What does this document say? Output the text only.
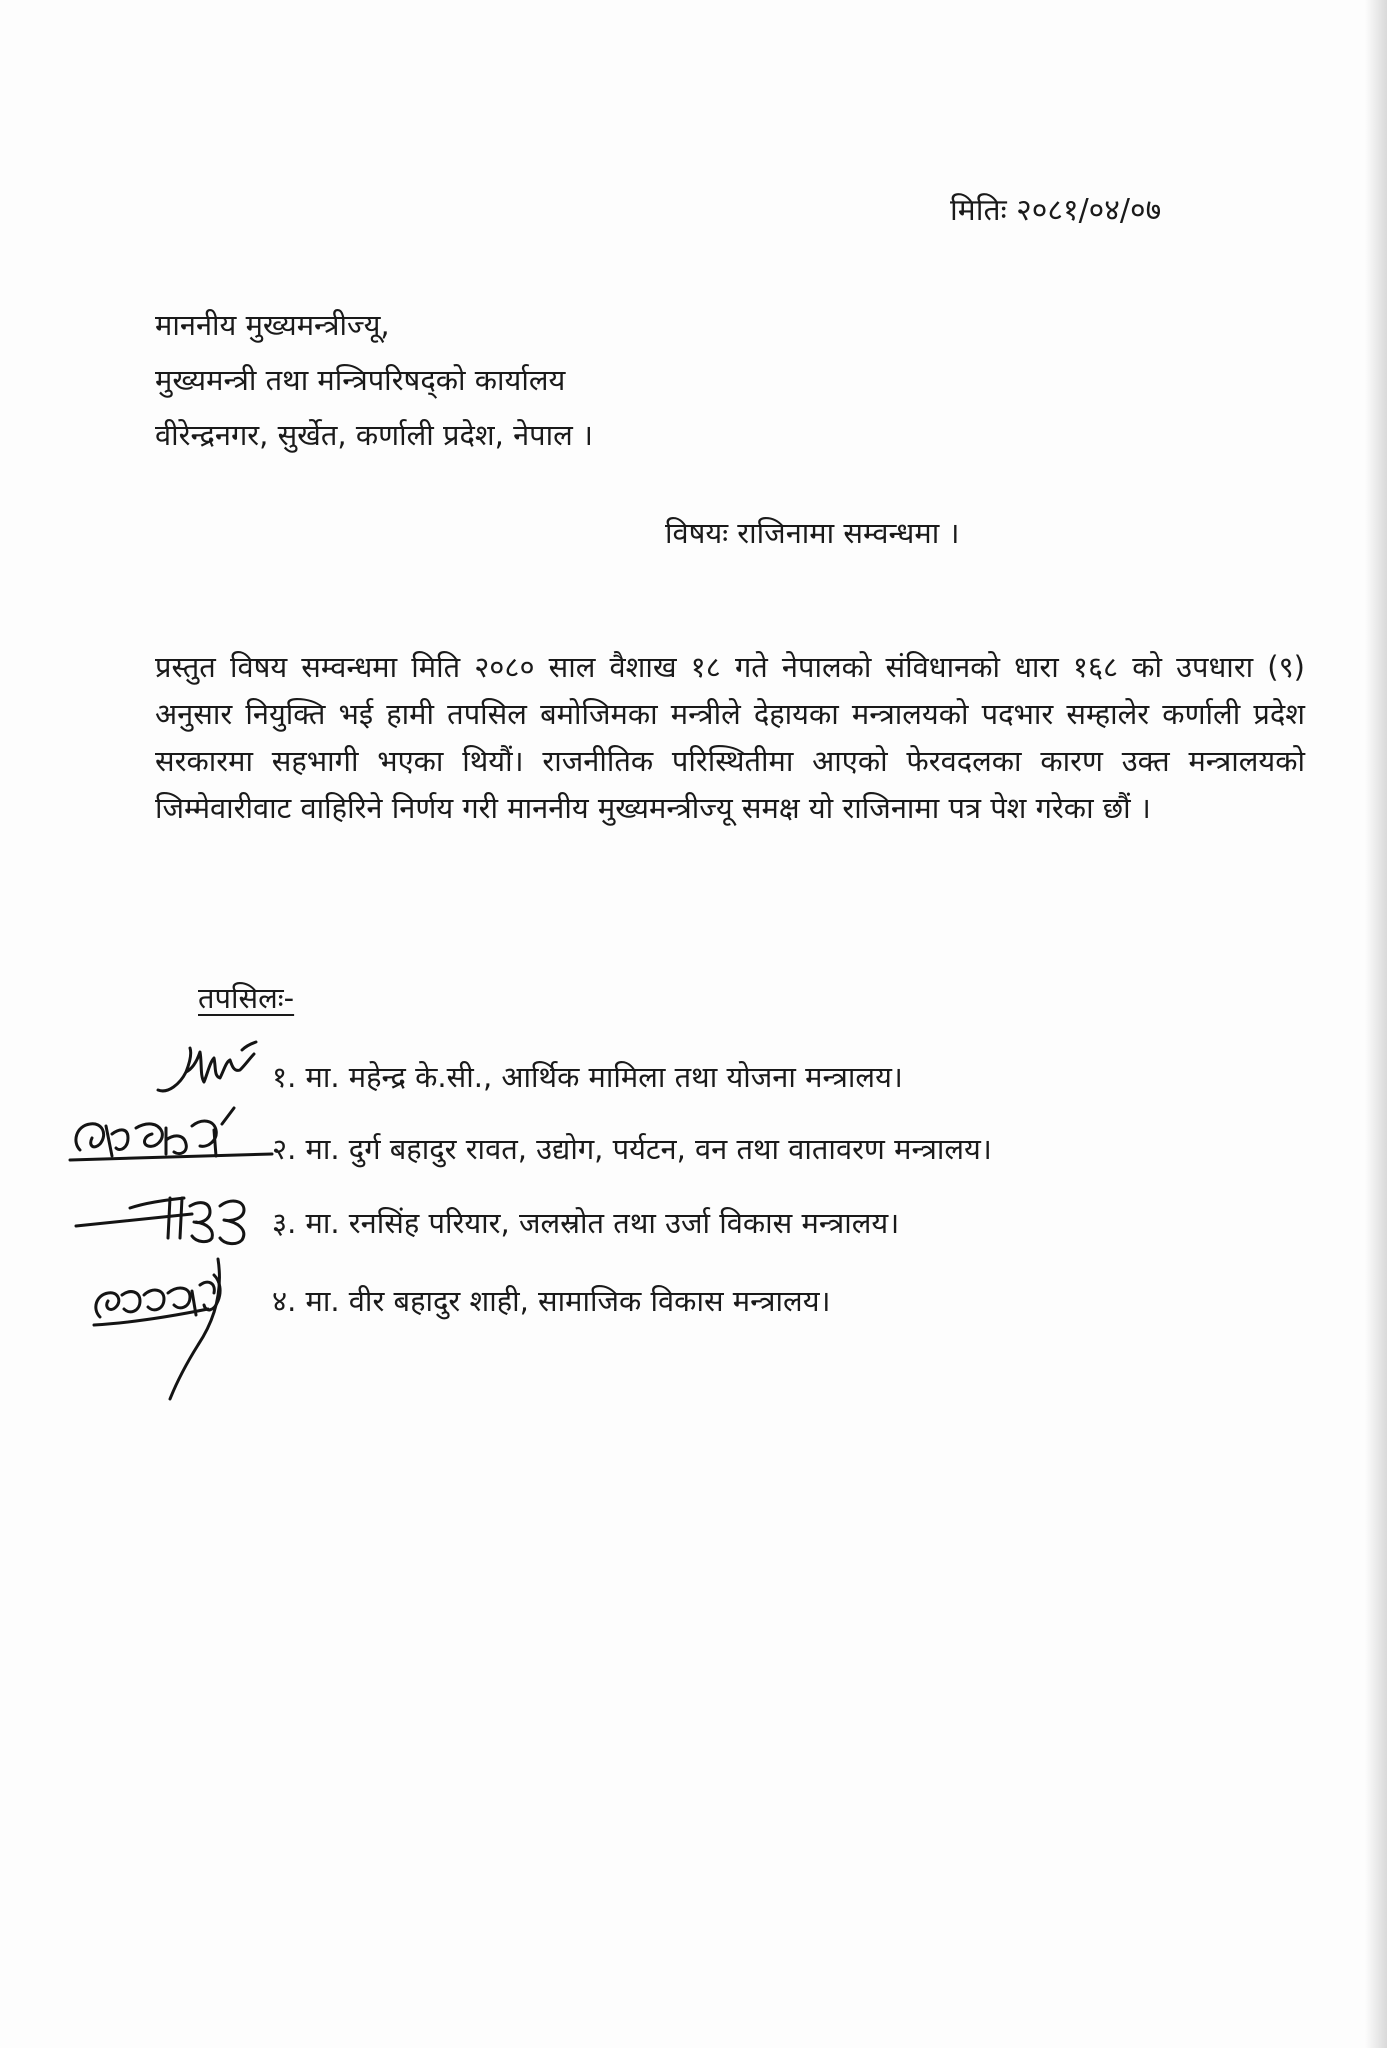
मितिः २०८१/०४/०७
माननीय मुख्यमन्त्रीज्यू,
मुख्यमन्त्री तथा मन्त्रिपरिषद्को कार्यालय
वीरेन्द्रनगर, सुर्खेत, कर्णाली प्रदेश, नेपाल ।
विषयः राजिनामा सम्वन्धमा ।
प्रस्तुत विषय सम्वन्धमा मिति २०८० साल वैशाख १८ गते नेपालको संविधानको धारा १६८ को उपधारा (९) अनुसार नियुक्ति भई हामी तपसिल बमोजिमका मन्त्रीले देहायका मन्त्रालयको पदभार सम्हालेर कर्णाली प्रदेश सरकारमा सहभागी भएका थियौं। राजनीतिक परिस्थितीमा आएको फेरवदलका कारण उक्त मन्त्रालयको जिम्मेवारीवाट वाहिरिने निर्णय गरी माननीय मुख्यमन्त्रीज्यू समक्ष यो राजिनामा पत्र पेश गरेका छौं ।
तपसिलः-
१. मा. महेन्द्र के.सी., आर्थिक मामिला तथा योजना मन्त्रालय।
२. मा. दुर्ग बहादुर रावत, उद्योग, पर्यटन, वन तथा वातावरण मन्त्रालय।
३. मा. रनसिंह परियार, जलस्रोत तथा उर्जा विकास मन्त्रालय।
४. मा. वीर बहादुर शाही, सामाजिक विकास मन्त्रालय।
